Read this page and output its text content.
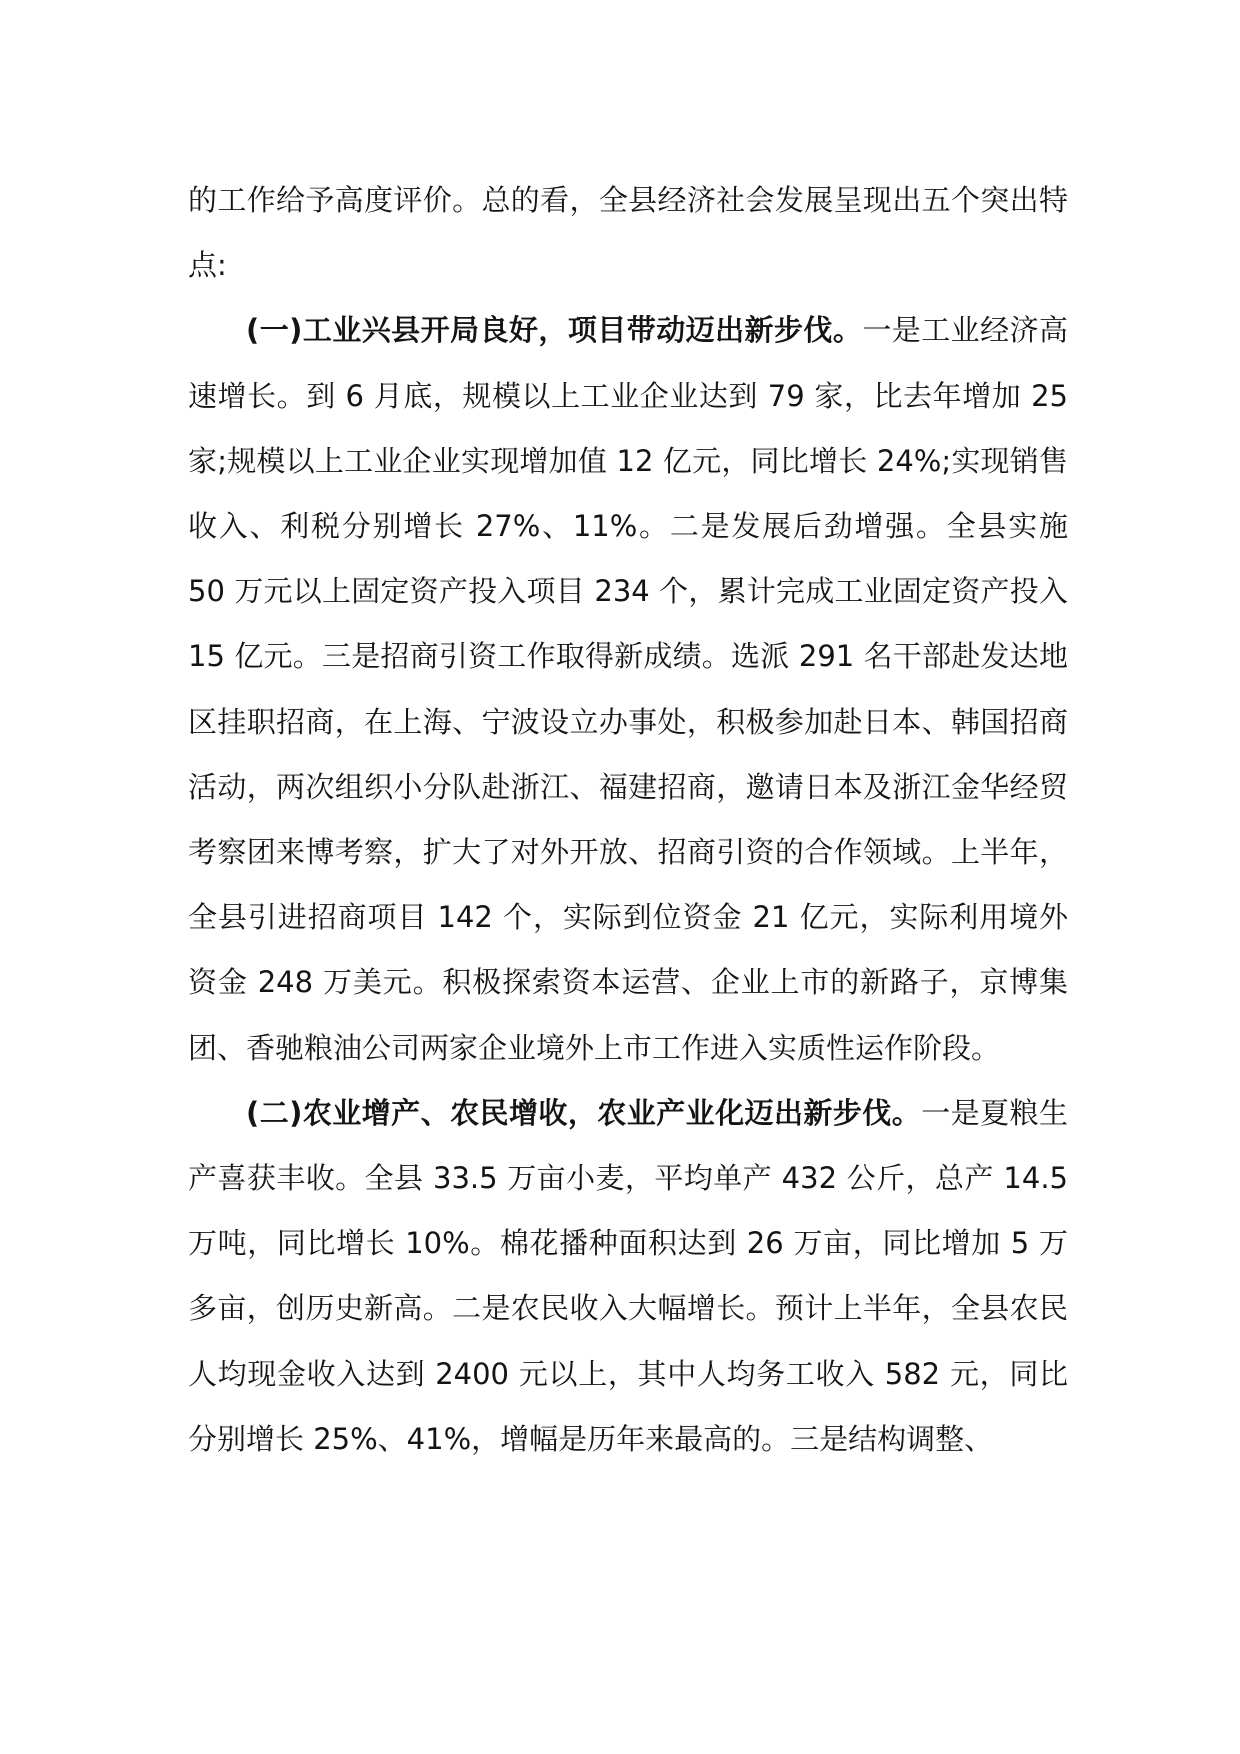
的工作给予高度评价。总的看，全县经济社会发展呈现出五个突出特点:

(一)工业兴县开局良好，项目带动迈出新步伐。一是工业经济高速增长。到 6 月底，规模以上工业企业达到 79 家，比去年增加 25 家;规模以上工业企业实现增加值 12 亿元，同比增长 24%;实现销售收入、利税分别增长 27%、11%。二是发展后劲增强。全县实施 50 万元以上固定资产投入项目 234 个，累计完成工业固定资产投入 15 亿元。三是招商引资工作取得新成绩。选派 291 名干部赴发达地区挂职招商，在上海、宁波设立办事处，积极参加赴日本、韩国招商活动，两次组织小分队赴浙江、福建招商，邀请日本及浙江金华经贸考察团来博考察，扩大了对外开放、招商引资的合作领域。上半年，全县引进招商项目 142 个，实际到位资金 21 亿元，实际利用境外资金 248 万美元。积极探索资本运营、企业上市的新路子，京博集团、香驰粮油公司两家企业境外上市工作进入实质性运作阶段。

(二)农业增产、农民增收，农业产业化迈出新步伐。一是夏粮生产喜获丰收。全县 33.5 万亩小麦，平均单产 432 公斤，总产 14.5 万吨，同比增长 10%。棉花播种面积达到 26 万亩，同比增加 5 万多亩，创历史新高。二是农民收入大幅增长。预计上半年，全县农民人均现金收入达到 2400 元以上，其中人均务工收入 582 元，同比分别增长 25%、41%，增幅是历年来最高的。三是结构调整、
